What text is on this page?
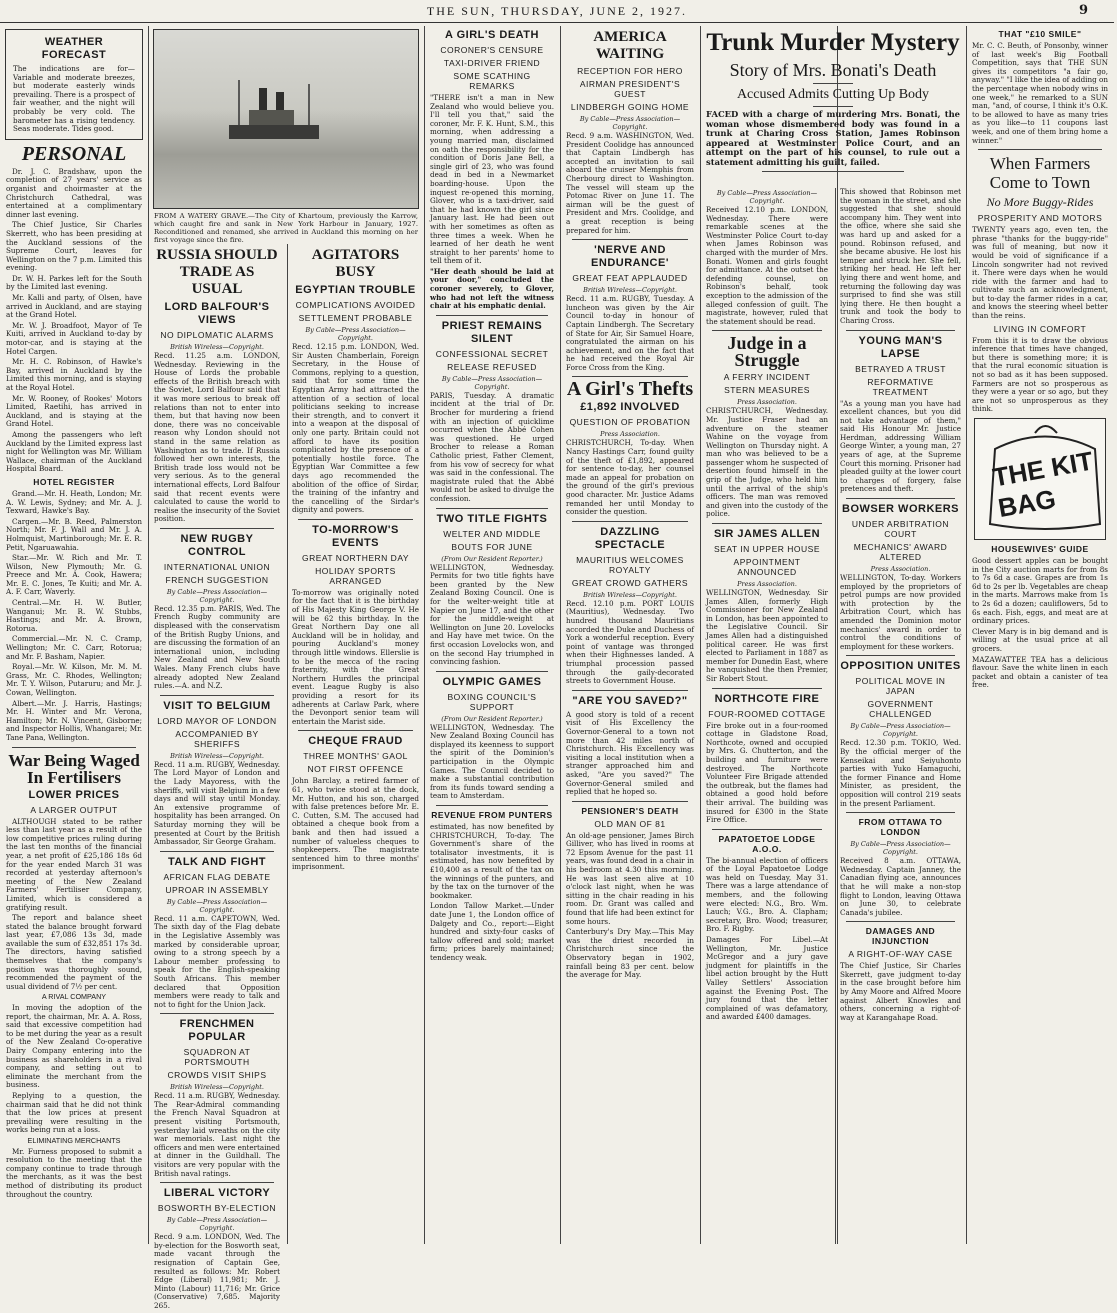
THE SUN, THURSDAY, JUNE 2, 1927.	9
WEATHER FORECAST
The indications are for— Variable and moderate breezes, but moderate easterly winds prevailing. There is a prospect of fair weather, and the night will probably be very cold. The barometer has a rising tendency. Seas moderate. Tides good.
PERSONAL

Dr. J. C. Bradshaw, upon the completion of 27 years' service as organist and choirmaster at the Christchurch Cathedral, was entertained at a complimentary dinner last evening.

The Chief Justice, Sir Charles Skerrett, who has been presiding at the Auckland sessions of the Supreme Court, leaves for Wellington on the 7 p.m. Limited this evening.

Dr. W. H. Parkes left for the South by the Limited last evening.

Mr. Kalli and party, of Olsen, have arrived in Auckland, and are staying at the Grand Hotel.

Mr. W. J. Broadfoot, Mayor of Te Kuiti, arrived in Auckland to-day by motor-car, and is staying at the Hotel Cargen.

Mr. H. C. Robinson, of Hawke's Bay, arrived in Auckland by the Limited this morning, and is staying at the Royal Hotel.

Mr. W. Rooney, of Rookes' Motors Limited, Raetihi, has arrived in Auckland, and is staying at the Grand Hotel.

Among the passengers who left Auckland by the Limited express last night for Wellington was Mr. William Wallace, chairman of the Auckland Hospital Board.

HOTEL REGISTER

Grand.—Mr. H. Heath, London; Mr. A. W. Lewis, Sydney; and Mr. A. J. Texward, Hawke's Bay.

Cargen.—Mr. B. Reed, Palmerston North; Mr. F. J. Wall and Mr. J. A. Holmquist, Martinborough; Mr. E. R. Petit, Ngaruawahia.

Star.—Mr. W. Rich and Mr. T. Wilson, New Plymouth; Mr. G. Preece and Mr. A. Cook, Hawera; Mr. E. C. Jones, Te Kuiti; and Mr. A. A. F. Carr, Waverly.

Central.—Mr. H. W. Butler, Wanganui; Mr. R. W. Stubbs, Hastings; and Mr. A. Brown, Rotorua.

Commercial.—Mr. N. C. Cramp, Wellington; Mr. C. Carr, Rotorua; and Mr. F. Basham, Napier.

Royal.—Mr. W. Kilson, Mr. M. M. Grass, Mr. C. Rhodes, Wellington; Mr. T. Y. Wilson, Putaruru; and Mr. J. Cowan, Wellington.

Albert.—Mr. J. Harris, Hastings; Mr. H. Winter and Mr. Verona, Hamilton; Mr. N. Vincent, Gisborne; and Inspector Hollis, Whangarei; Mr. Tane Pana, Wellington.

War Being Waged In Fertilisers
LOWER PRICES
A LARGER OUTPUT

ALTHOUGH stated to be rather less than last year as a result of the low competitive prices ruling during the last ten months of the financial year, a net profit of £25,186 18s 6d for the year ended March 31 was recorded at yesterday afternoon's meeting of the New Zealand Farmers' Fertiliser Company, Limited, which is considered a gratifying result.

The report and balance sheet stated the balance brought forward last year, £7,086 13s 3d, made available the sum of £32,851 17s 3d. The directors, having satisfied themselves that the company's position was thoroughly sound, recommended the payment of the usual dividend of 7½ per cent.

A RIVAL COMPANY

In moving the adoption of the report, the chairman, Mr. A. A. Ross, said that excessive competition had to be met during the year as a result of the New Zealand Co-operative Dairy Company entering into the business as shareholders in a rival company, and setting out to eliminate the merchant from the business.

Replying to a question, the chairman said that he did not think that the low prices at present prevailing were resulting in the works being run at a loss.

ELIMINATING MERCHANTS

Mr. Furness proposed to submit a resolution to the meeting that the company continue to trade through the merchants, as it was the best method of distributing its product throughout the country.

FROM A WATERY GRAVE.—The City of Khartoum, previously the Karrow, which caught fire and sank in New York Harbour in January, 1927. Reconditioned and renamed, she arrived in Auckland this morning on her first voyage since the fire.
RUSSIA SHOULD TRADE AS USUAL
LORD BALFOUR'S VIEWS
NO DIPLOMATIC ALARMS
British Wireless—Copyright.
Recd. 11.25 a.m. LONDON, Wednesday. Reviewing in the House of Lords the probable effects of the British breach with the Soviet, Lord Balfour said that it was more serious to break off relations than not to enter into them, but that having now been done, there was no conceivable reason why London should not stand in the same relation as Washington as to trade. If Russia followed her own interests, the British trade loss would not be very serious. As to the general international effects, Lord Balfour said that recent events were calculated to cause the world to realise the insecurity of the Soviet position.
NEW RUGBY CONTROL
INTERNATIONAL UNION
FRENCH SUGGESTION
By Cable—Press Association—Copyright.
Recd. 12.35 p.m. PARIS, Wed. The French Rugby community are displeased with the conservatism of the British Rugby Unions, and are discussing the formation of an international union, including New Zealand and New South Wales. Many French clubs have already adopted New Zealand rules.—A. and N.Z.
VISIT TO BELGIUM
LORD MAYOR OF LONDON
ACCOMPANIED BY SHERIFFS
British Wireless—Copyright.
Recd. 11 a.m. RUGBY, Wednesday. The Lord Mayor of London and the Lady Mayoress, with the sheriffs, will visit Belgium in a few days and will stay until Monday. An extensive programme of hospitality has been arranged. On Saturday morning they will be presented at Court by the British Ambassador, Sir George Graham.
TALK AND FIGHT
AFRICAN FLAG DEBATE
UPROAR IN ASSEMBLY
By Cable—Press Association—Copyright.
Recd. 11 a.m. CAPETOWN, Wed. The sixth day of the Flag debate in the Legislative Assembly was marked by considerable uproar, owing to a strong speech by a Labour member professing to speak for the English-speaking South Africans. This member declared that Opposition members were ready to talk and not to fight for the Union Jack.
FRENCHMEN POPULAR
SQUADRON AT PORTSMOUTH
CROWDS VISIT SHIPS
British Wireless—Copyright.
Recd. 11 a.m. RUGBY, Wednesday. The Rear-Admiral commanding the French Naval Squadron at present visiting Portsmouth, yesterday laid wreaths on the city war memorials. Last night the officers and men were entertained at dinner in the Guildhall. The visitors are very popular with the British naval ratings.
LIBERAL VICTORY
BOSWORTH BY-ELECTION
By Cable—Press Association—Copyright.
Recd. 9 a.m. LONDON, Wed. The by-election for the Bosworth seat, made vacant through the resignation of Captain Gee, resulted as follows: Mr. Robert Edge (Liberal) 11,981; Mr. J. Minto (Labour) 11,716; Mr. Grice (Conservative) 7,685. Majority 265.
AGITATORS BUSY
EGYPTIAN TROUBLE
COMPLICATIONS AVOIDED
SETTLEMENT PROBABLE
By Cable—Press Association—Copyright.
Recd. 12.15 p.m. LONDON, Wed. Sir Austen Chamberlain, Foreign Secretary, in the House of Commons, replying to a question, said that for some time the Egyptian Army had attracted the attention of a section of local politicians seeking to increase their strength, and to convert it into a weapon at the disposal of only one party. Britain could not afford to have its position complicated by the presence of a potentially hostile force. The Egyptian War Committee a few days ago recommended the abolition of the office of Sirdar, the training of the infantry and the cancelling of the Sirdar's dignity and powers.
TO-MORROW'S EVENTS
GREAT NORTHERN DAY
HOLIDAY SPORTS ARRANGED
To-morrow was originally noted for the fact that it is the birthday of His Majesty King George V. He will be 62 this birthday. In the Great Northern Day one all Auckland will be in holiday, and pouring Auckland's money through little windows. Ellerslie is to be the mecca of the racing fraternity, with the Great Northern Hurdles the principal event. League Rugby is also providing a resort for its adherents at Carlaw Park, where the Devonport senior team will entertain the Marist side.
CHEQUE FRAUD
THREE MONTHS' GAOL
NOT FIRST OFFENCE
John Barclay, a retired farmer of 61, who twice stood at the dock, Mr. Hutton, and his son, charged with false pretences before Mr. E. C. Cutten, S.M. The accused had obtained a cheque book from a bank and then had issued a number of valueless cheques to shopkeepers. The magistrate sentenced him to three months' imprisonment.
A GIRL'S DEATH
CORONER'S CENSURE
TAXI-DRIVER FRIEND
SOME SCATHING REMARKS
"THERE isn't a man in New Zealand who would believe you. I'll tell you that," said the coroner, Mr. F. K. Hunt, S.M., this morning, when addressing a young married man, disclaimed on oath the responsibility for the condition of Doris Jane Bell, a single girl of 23, who was found dead in bed in a Newmarket boarding-house. Upon the inquest re-opened this morning, Glover, who is a taxi-driver, said that he had known the girl since January last. He had been out with her sometimes as often as three times a week. When he learned of her death he went straight to her parents' home to tell them of it.
"Her death should be laid at your door," concluded the coroner severely, to Glover, who had not left the witness chair at his emphatic denial.
PRIEST REMAINS SILENT
CONFESSIONAL SECRET
RELEASE REFUSED
By Cable—Press Association—Copyright.
PARIS, Tuesday. A dramatic incident at the trial of Dr. Brocher for murdering a friend with an injection of quicklime occurred when the Abbé Cohen was questioned. He urged Brocher to release a Roman Catholic priest, Father Clement, from his vow of secrecy for what was said in the confessional. The magistrate ruled that the Abbé would not be asked to divulge the confession.
TWO TITLE FIGHTS
WELTER AND MIDDLE
BOUTS FOR JUNE
(From Our Resident Reporter.)
WELLINGTON, Wednesday. Permits for two title fights have been granted by the New Zealand Boxing Council. One is for the welter-weight title at Napier on June 17, and the other for the middle-weight at Wellington on June 20. Lovelocks and Hay have met twice. On the first occasion Lovelocks won, and on the second Hay triumphed in convincing fashion.
OLYMPIC GAMES
BOXING COUNCIL'S SUPPORT
(From Our Resident Reporter.)
WELLINGTON, Wednesday. The New Zealand Boxing Council has displayed its keenness to support the spirit of the Dominion's participation in the Olympic Games. The Council decided to make a substantial contribution from its funds toward sending a team to Amsterdam.
REVENUE FROM PUNTERS
estimated, has now benefited by CHRISTCHURCH, To-day. The Government's share of the totalisator investments, it is estimated, has now benefited by £10,400 as a result of the tax on the winnings of the punters, and by the tax on the turnover of the bookmaker.
London Tallow Market.—Under date June 1, the London office of Dalgety and Co., report:—Eight hundred and sixty-four casks of tallow offered and sold; market firm; prices barely maintained; tendency weak.
AMERICA WAITING
RECEPTION FOR HERO
AIRMAN PRESIDENT'S GUEST
LINDBERGH GOING HOME
By Cable—Press Association—Copyright.
Recd. 9 a.m. WASHINGTON, Wed. President Coolidge has announced that Captain Lindbergh has accepted an invitation to sail aboard the cruiser Memphis from Cherbourg direct to Washington. The vessel will steam up the Potomac River on June 11. The airman will be the guest of President and Mrs. Coolidge, and a great reception is being prepared for him.
'NERVE AND ENDURANCE'
GREAT FEAT APPLAUDED
British Wireless—Copyright.
Recd. 11 a.m. RUGBY, Tuesday. A luncheon was given by the Air Council to-day in honour of Captain Lindbergh. The Secretary of State for Air, Sir Samuel Hoare, congratulated the airman on his achievement, and on the fact that he had received the Royal Air Force Cross from the King.
A Girl's Thefts
£1,892 INVOLVED
QUESTION OF PROBATION
Press Association.
CHRISTCHURCH, To-day. When Nancy Hastings Carr, found guilty of the theft of £1,892, appeared for sentence to-day, her counsel made an appeal for probation on the ground of the girl's previous good character. Mr. Justice Adams remanded her until Monday to consider the question.
DAZZLING SPECTACLE
MAURITIUS WELCOMES ROYALTY
GREAT CROWD GATHERS
British Wireless—Copyright.
Recd. 12.10 p.m. PORT LOUIS (Mauritius), Wednesday. Two hundred thousand Mauritians accorded the Duke and Duchess of York a wonderful reception. Every point of vantage was thronged when their Highnesses landed. A triumphal procession passed through the gaily-decorated streets to Government House.
"ARE YOU SAVED?"
A good story is told of a recent visit of His Excellency the Governor-General to a town not more than 42 miles north of Christchurch. His Excellency was visiting a local institution when a stranger approached him and asked, "Are you saved?" The Governor-General smiled and replied that he hoped so.
PENSIONER'S DEATH
OLD MAN OF 81
An old-age pensioner, James Birch Gilliver, who has lived in rooms at 72 Epsom Avenue for the past 11 years, was found dead in a chair in his bedroom at 4.30 this morning. He was last seen alive at 10 o'clock last night, when he was sitting in the chair reading in his room. Dr. Grant was called and found that life had been extinct for some hours.
Canterbury's Dry May.—This May was the driest recorded in Christchurch since the Observatory began in 1902, rainfall being 83 per cent. below the average for May.
Trunk Murder Mystery
Story of Mrs. Bonati's Death
Accused Admits Cutting Up Body
FACED with a charge of murdering Mrs. Bonati, the woman whose dismembered body was found in a trunk at Charing Cross Station, James Robinson appeared at Westminster Police Court, and an attempt on the part of his counsel, to rule out a statement admitting his guilt, failed.
By Cable—Press Association—Copyright.
Received 12.10 p.m. LONDON, Wednesday. There were remarkable scenes at the Westminster Police Court to-day when James Robinson was charged with the murder of Mrs. Bonati. Women and girls fought for admittance. At the outset the defending counsel, on Robinson's behalf, took exception to the admission of the alleged confession of guilt. The magistrate, however, ruled that the statement should be read.
Judge in a Struggle
A FERRY INCIDENT
STERN MEASURES
Press Association.
CHRISTCHURCH, Wednesday. Mr. Justice Fraser had an adventure on the steamer Wahine on the voyage from Wellington on Thursday night. A man who was believed to be a passenger whom he suspected of desertion found himself in the grip of the Judge, who held him until the arrival of the ship's officers. The man was removed and given into the custody of the police.
SIR JAMES ALLEN
SEAT IN UPPER HOUSE
APPOINTMENT ANNOUNCED
Press Association.
WELLINGTON, Wednesday. Sir James Allen, formerly High Commissioner for New Zealand in London, has been appointed to the Legislative Council. Sir James Allen had a distinguished political career. He was first elected to Parliament in 1887 as member for Dunedin East, where he vanquished the then Premier, Sir Robert Stout.
NORTHCOTE FIRE
FOUR-ROOMED COTTAGE
Fire broke out in a four-roomed cottage in Gladstone Road, Northcote, owned and occupied by Mrs. G. Chutterton, and the building and furniture were destroyed. The Northcote Volunteer Fire Brigade attended the outbreak, but the flames had obtained a good hold before their arrival. The building was insured for £300 in the State Fire Office.
PAPATOETOE LODGE A.O.O.
The bi-annual election of officers of the Loyal Papatoetoe Lodge was held on Tuesday, May 31. There was a large attendance of members, and the following were elected: N.G., Bro. Wm. Lauch; V.G., Bro. A. Clapham; secretary, Bro. Wood; treasurer, Bro. F. Rigby.
Damages For Libel.—At Wellington, Mr. Justice McGregor and a jury gave judgment for plaintiffs in the libel action brought by the Hutt Valley Settlers' Association against the Evening Post. The jury found that the letter complained of was defamatory, and awarded £400 damages.
This showed that Robinson met the woman in the street, and she suggested that she should accompany him. They went into the office, where she said she was hard up and asked for a pound. Robinson refused, and she became abusive. He lost his temper and struck her. She fell, striking her head. He left her lying there and went home, and returning the following day was surprised to find she was still lying there. He then bought a trunk and took the body to Charing Cross.
YOUNG MAN'S LAPSE
BETRAYED A TRUST
REFORMATIVE TREATMENT
"As a young man you have had excellent chances, but you did not take advantage of them," said His Honour Mr. Justice Herdman, addressing William George Winter, a young man, 27 years of age, at the Supreme Court this morning. Prisoner had pleaded guilty at the lower court to charges of forgery, false pretences and theft.
BOWSER WORKERS
UNDER ARBITRATION COURT
MECHANICS' AWARD ALTERED
Press Association.
WELLINGTON, To-day. Workers employed by the proprietors of petrol pumps are now provided with protection by the Arbitration Court, which has amended the Dominion motor mechanics' award in order to control the conditions of employment for these workers.
OPPOSITION UNITES
POLITICAL MOVE IN JAPAN
GOVERNMENT CHALLENGED
By Cable—Press Association—Copyright.
Recd. 12.30 p.m. TOKIO, Wed. By the official merger of the Kenseikai and Seiyuhonto parties with Yuko Hamaguchi, the former Finance and Home Minister, as president, the opposition will control 219 seats in the present Parliament.
FROM OTTAWA TO LONDON
By Cable—Press Association—Copyright.
Received 8 a.m. OTTAWA, Wednesday. Captain Janney, the Canadian flying ace, announces that he will make a non-stop flight to London, leaving Ottawa on June 30, to celebrate Canada's jubilee.
DAMAGES AND INJUNCTION
A RIGHT-OF-WAY CASE
The Chief Justice, Sir Charles Skerrett, gave judgment to-day in the case brought before him by Amy Moore and Alfred Moore against Albert Knowles and others, concerning a right-of-way at Karangahape Road.
THAT "£10 SMILE"
Mr. C. C. Beuth, of Ponsonby, winner of last week's Big Football Competition, says that THE SUN gives its competitors "a fair go, anyway." "I like the idea of adding on the percentage when nobody wins in one week," he remarked to a SUN man, "and, of course, I think it's O.K. to be allowed to have as many tries as you like—to 11 coupons last week, and one of them bring home a winner."
When Farmers Come to Town
No More Buggy-Rides
PROSPERITY AND MOTORS
TWENTY years ago, even ten, the phrase "thanks for the buggy-ride" was full of meaning, but now it would be void of significance if a Lincoln songwriter had not revived it. There were days when he would ride with the farmer and had to cultivate such an acknowledgment, but to-day the farmer rides in a car, and knows the steering wheel better than the reins.
LIVING IN COMFORT
From this it is to draw the obvious inference that times have changed, but there is something more; it is that the rural economic situation is not so bad as it has been supposed. Farmers are not so prosperous as they were a year or so ago, but they are not so unprosperous as they think.
THE KIT BAG
HOUSEWIVES' GUIDE
Good dessert apples can be bought in the City auction marts for from 8s to 7s 6d a case. Grapes are from 1s 6d to 2s per lb. Vegetables are cheap in the marts. Marrows make from 1s to 2s 6d a dozen; cauliflowers, 5d to 6s each. Fish, eggs, and meat are at ordinary prices.
Clever Mary is in big demand and is willing at the usual price at all grocers.
MAZAWATTEE TEA has a delicious flavour. Save the white linen in each packet and obtain a canister of tea free.
